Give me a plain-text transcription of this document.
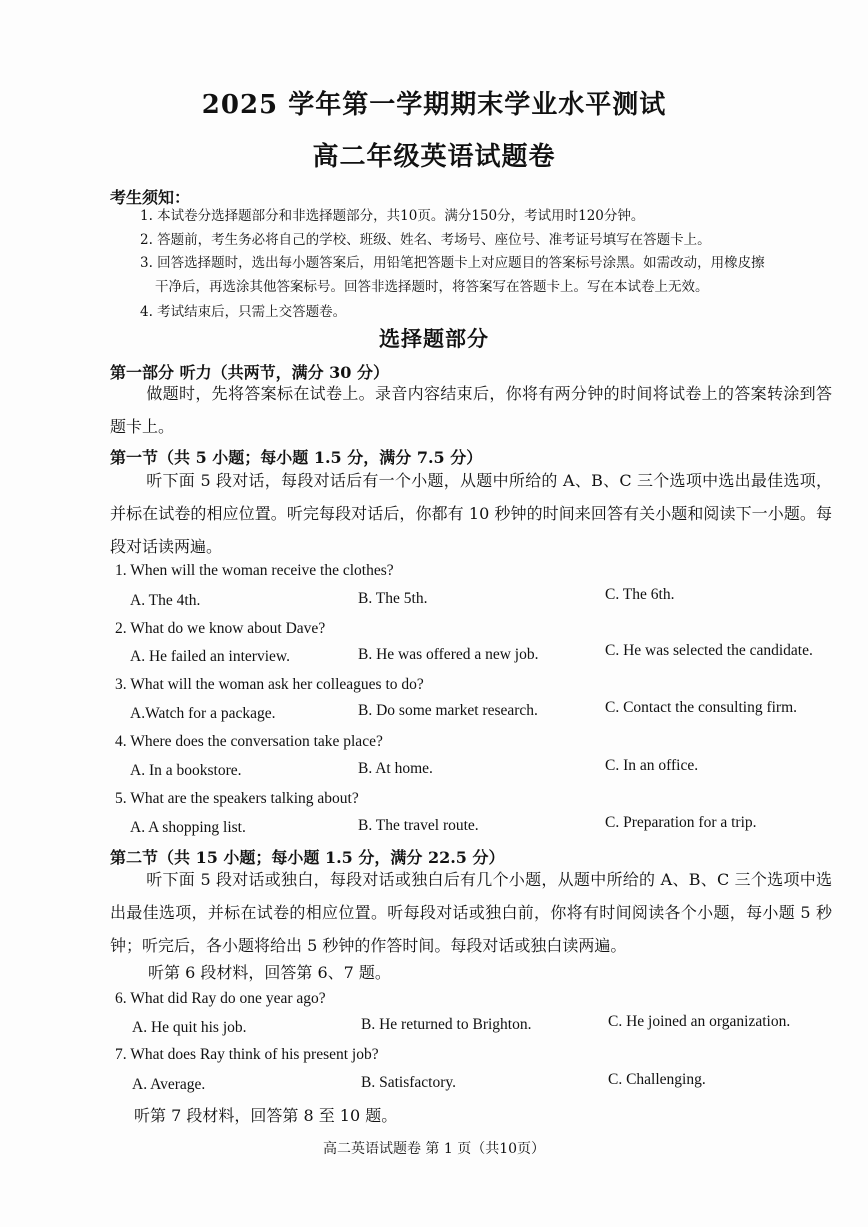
2025 学年第一学期期末学业水平测试
高二年级英语试题卷
考生须知：
1. 本试卷分选择题部分和非选择题部分，共10页。满分150分，考试用时120分钟。
2. 答题前，考生务必将自己的学校、班级、姓名、考场号、座位号、准考证号填写在答题卡上。
3. 回答选择题时，选出每小题答案后，用铅笔把答题卡上对应题目的答案标号涂黑。如需改动，用橡皮擦
干净后，再选涂其他答案标号。回答非选择题时，将答案写在答题卡上。写在本试卷上无效。
4. 考试结束后，只需上交答题卷。
选择题部分
第一部分 听力（共两节，满分 30 分）
做题时，先将答案标在试卷上。录音内容结束后，你将有两分钟的时间将试卷上的答案转涂到答题卡上。
第一节（共 5 小题；每小题 1.5 分，满分 7.5 分）
听下面 5 段对话，每段对话后有一个小题，从题中所给的 A、B、C 三个选项中选出最佳选项，并标在试卷的相应位置。听完每段对话后，你都有 10 秒钟的时间来回答有关小题和阅读下一小题。每段对话读两遍。
1. When will the woman receive the clothes?
A. The 4th.	B. The 5th.	C. The 6th.
2. What do we know about Dave?
A. He failed an interview.	B. He was offered a new job.	C. He was selected the candidate.
3. What will the woman ask her colleagues to do?
A.Watch for a package.	B. Do some market research.	C. Contact the consulting firm.
4. Where does the conversation take place?
A. In a bookstore.	B. At home.	C. In an office.
5. What are the speakers talking about?
A. A shopping list.	B. The travel route.	C. Preparation for a trip.
第二节（共 15 小题；每小题 1.5 分，满分 22.5 分）
听下面 5 段对话或独白，每段对话或独白后有几个小题，从题中所给的 A、B、C 三个选项中选出最佳选项，并标在试卷的相应位置。听每段对话或独白前，你将有时间阅读各个小题，每小题 5 秒钟；听完后，各小题将给出 5 秒钟的作答时间。每段对话或独白读两遍。
听第 6 段材料，回答第 6、7 题。
6. What did Ray do one year ago?
A. He quit his job.	B. He returned to Brighton.	C. He joined an organization.
7. What does Ray think of his present job?
A. Average.	B. Satisfactory.	C. Challenging.
听第 7 段材料，回答第 8 至 10 题。
高二英语试题卷 第 1 页（共10页）
